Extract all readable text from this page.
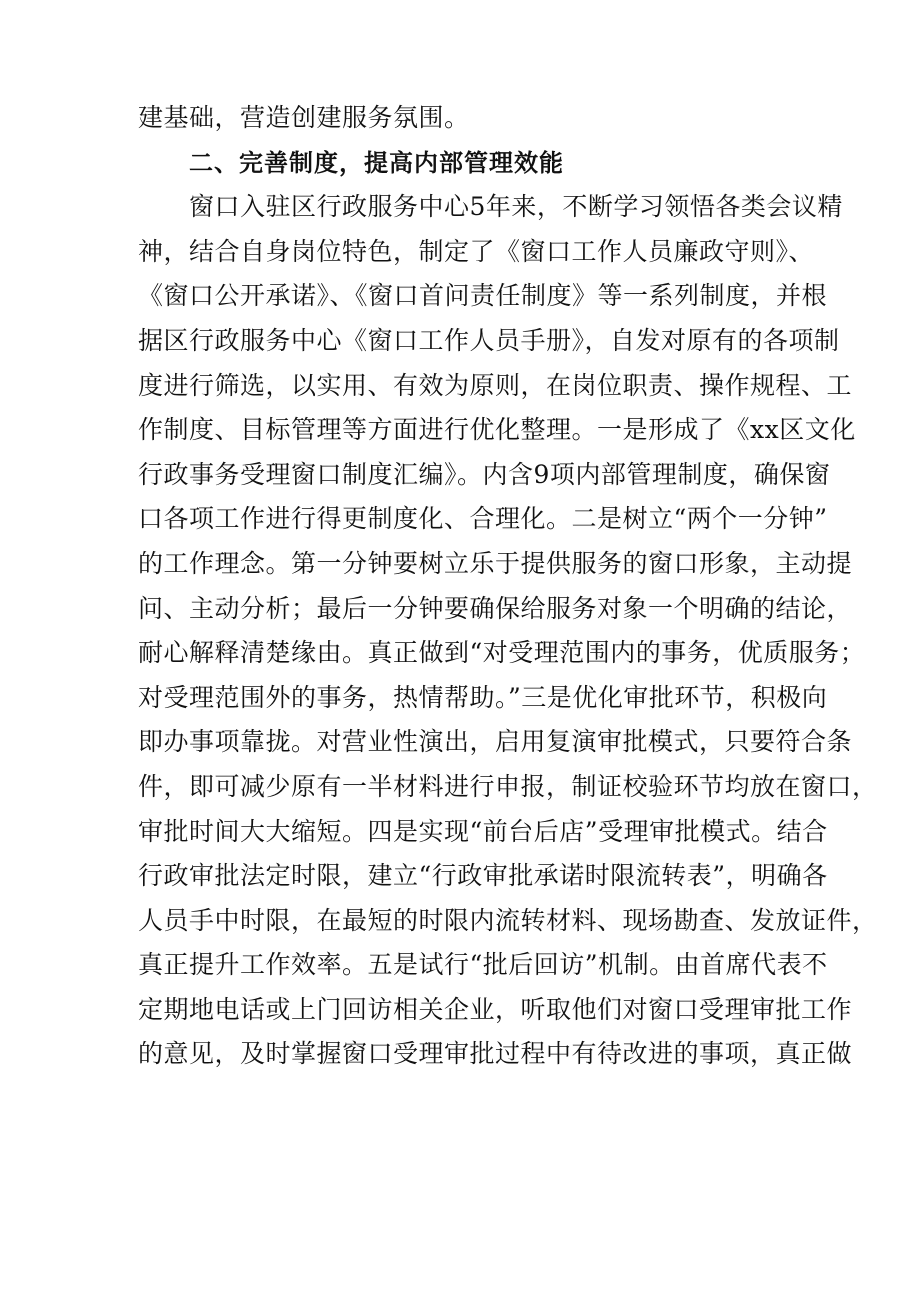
建基础，营造创建服务氛围。
二、完善制度，提高内部管理效能
窗口入驻区行政服务中心5年来，不断学习领悟各类会议精
神，结合自身岗位特色，制定了《窗口工作人员廉政守则》、
《窗口公开承诺》、《窗口首问责任制度》等一系列制度，并根
据区行政服务中心《窗口工作人员手册》，自发对原有的各项制
度进行筛选，以实用、有效为原则，在岗位职责、操作规程、工
作制度、目标管理等方面进行优化整理。一是形成了《xx区文化
行政事务受理窗口制度汇编》。内含9项内部管理制度，确保窗
口各项工作进行得更制度化、合理化。二是树立“两个一分钟”
的工作理念。第一分钟要树立乐于提供服务的窗口形象，主动提
问、主动分析；最后一分钟要确保给服务对象一个明确的结论，
耐心解释清楚缘由。真正做到“对受理范围内的事务，优质服务；
对受理范围外的事务，热情帮助。”三是优化审批环节，积极向
即办事项靠拢。对营业性演出，启用复演审批模式，只要符合条
件，即可减少原有一半材料进行申报，制证校验环节均放在窗口，
审批时间大大缩短。四是实现“前台后店”受理审批模式。结合
行政审批法定时限，建立“行政审批承诺时限流转表”，明确各
人员手中时限，在最短的时限内流转材料、现场勘查、发放证件，
真正提升工作效率。五是试行“批后回访”机制。由首席代表不
定期地电话或上门回访相关企业，听取他们对窗口受理审批工作
的意见，及时掌握窗口受理审批过程中有待改进的事项，真正做
